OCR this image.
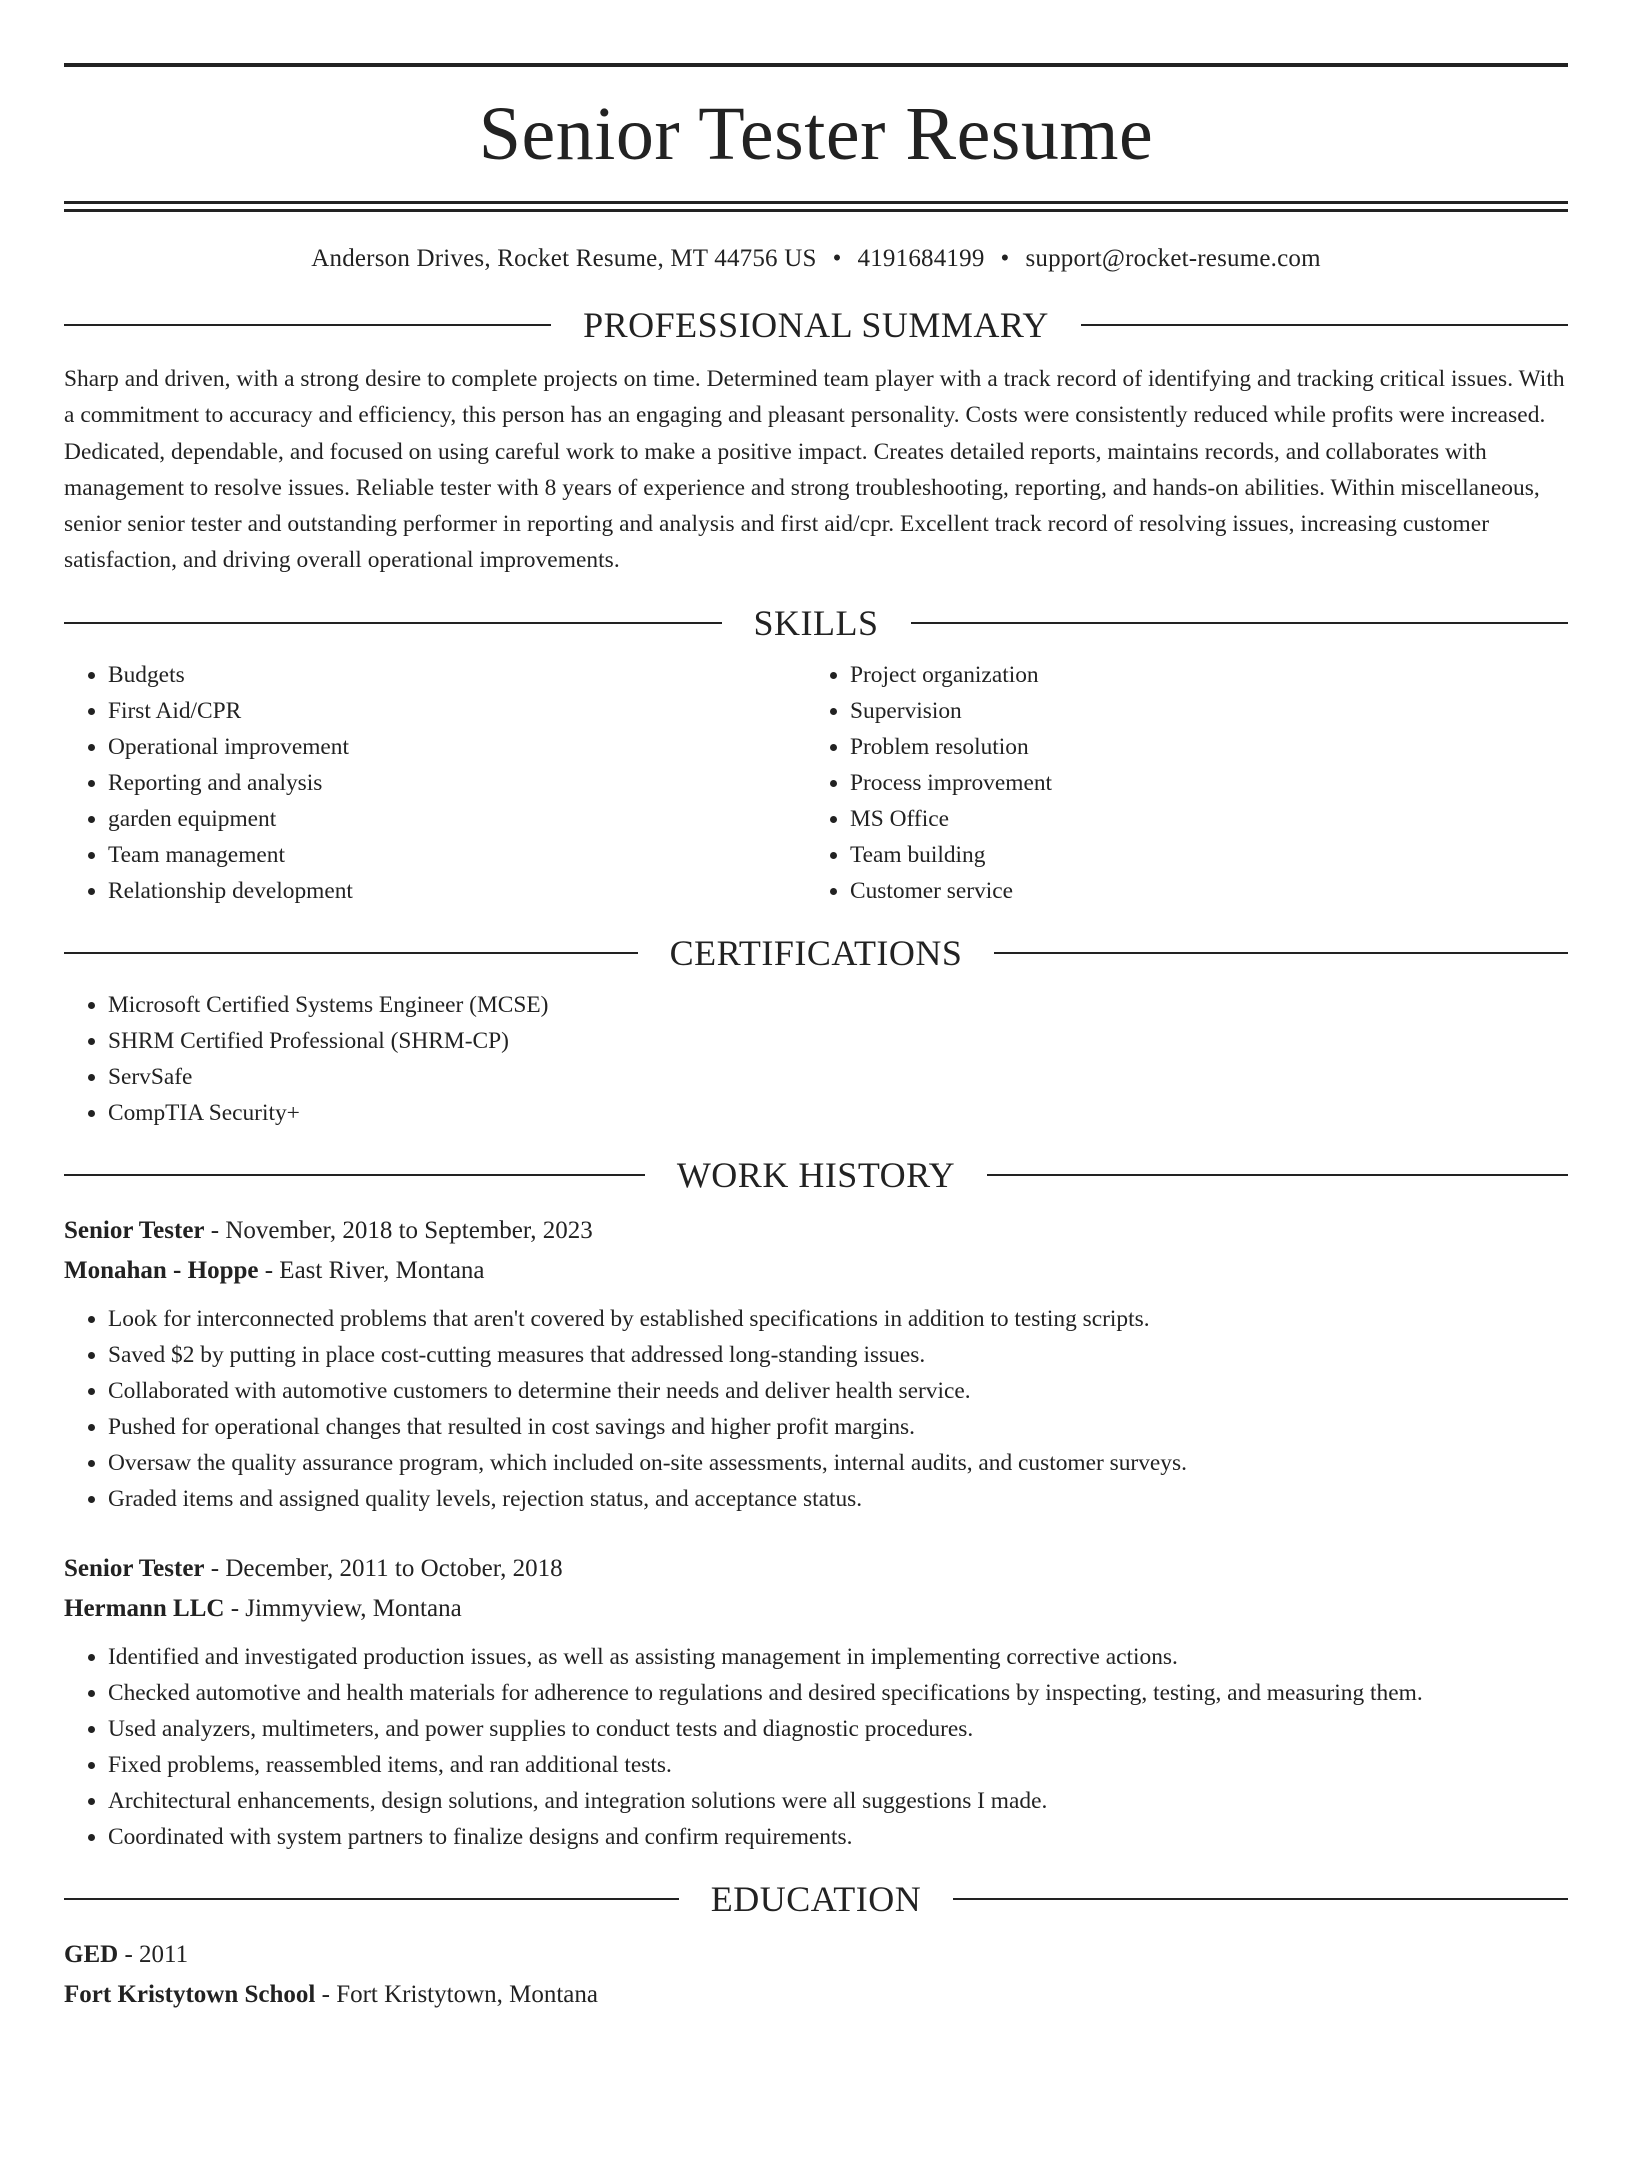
Senior Tester Resume
Anderson Drives, Rocket Resume, MT 44756 US • 4191684199 • support@rocket-resume.com
PROFESSIONAL SUMMARY

Sharp and driven, with a strong desire to complete projects on time. Determined team player with a track record of identifying and tracking critical issues. With a commitment to accuracy and efficiency, this person has an engaging and pleasant personality. Costs were consistently reduced while profits were increased. Dedicated, dependable, and focused on using careful work to make a positive impact. Creates detailed reports, maintains records, and collaborates with management to resolve issues. Reliable tester with 8 years of experience and strong troubleshooting, reporting, and hands-on abilities. Within miscellaneous, senior senior tester and outstanding performer in reporting and analysis and first aid/cpr. Excellent track record of resolving issues, increasing customer satisfaction, and driving overall operational improvements.

SKILLS
• Budgets
• First Aid/CPR
• Operational improvement
• Reporting and analysis
• garden equipment
• Team management
• Relationship development
• Project organization
• Supervision
• Problem resolution
• Process improvement
• MS Office
• Team building
• Customer service
CERTIFICATIONS
• Microsoft Certified Systems Engineer (MCSE)
• SHRM Certified Professional (SHRM-CP)
• ServSafe
• CompTIA Security+
WORK HISTORY
Senior Tester - November, 2018 to September, 2023
Monahan - Hoppe - East River, Montana
• Look for interconnected problems that aren't covered by established specifications in addition to testing scripts.
• Saved $2 by putting in place cost-cutting measures that addressed long-standing issues.
• Collaborated with automotive customers to determine their needs and deliver health service.
• Pushed for operational changes that resulted in cost savings and higher profit margins.
• Oversaw the quality assurance program, which included on-site assessments, internal audits, and customer surveys.
• Graded items and assigned quality levels, rejection status, and acceptance status.
Senior Tester - December, 2011 to October, 2018
Hermann LLC - Jimmyview, Montana
• Identified and investigated production issues, as well as assisting management in implementing corrective actions.
• Checked automotive and health materials for adherence to regulations and desired specifications by inspecting, testing, and measuring them.
• Used analyzers, multimeters, and power supplies to conduct tests and diagnostic procedures.
• Fixed problems, reassembled items, and ran additional tests.
• Architectural enhancements, design solutions, and integration solutions were all suggestions I made.
• Coordinated with system partners to finalize designs and confirm requirements.
EDUCATION
GED - 2011
Fort Kristytown School - Fort Kristytown, Montana
